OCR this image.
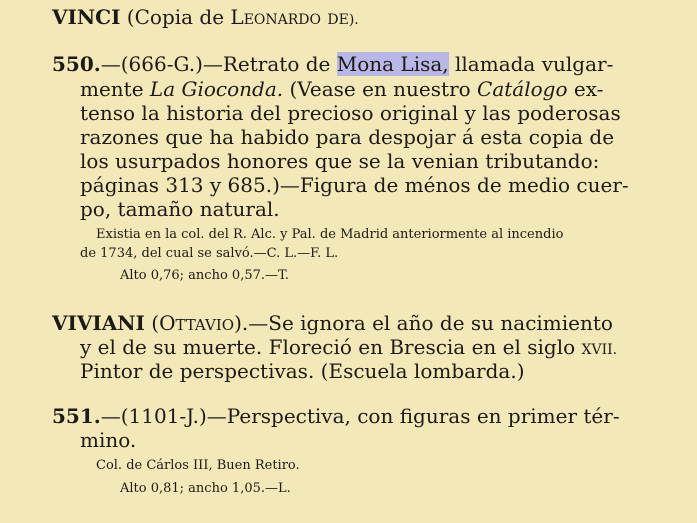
VINCI (Copia de LEONARDO DE).
550.—(666-G.)—Retrato de Mona Lisa, llamada vulgar-
mente La Gioconda. (Vease en nuestro Catálogo ex-
tenso la historia del precioso original y las poderosas
razones que ha habido para despojar á esta copia de
los usurpados honores que se la venian tributando:
páginas 313 y 685.)—Figura de ménos de medio cuer-
po, tamaño natural.
Existia en la col. del R. Alc. y Pal. de Madrid anteriormente al incendio
de 1734, del cual se salvó.—C. L.—F. L.
Alto 0,76; ancho 0,57.—T.
VIVIANI (OTTAVIO).—Se ignora el año de su nacimiento
y el de su muerte. Floreció en Brescia en el siglo XVII.
Pintor de perspectivas. (Escuela lombarda.)
551.—(1101-J.)—Perspectiva, con figuras en primer tér-
mino.
Col. de Cárlos III, Buen Retiro.
Alto 0,81; ancho 1,05.—L.
